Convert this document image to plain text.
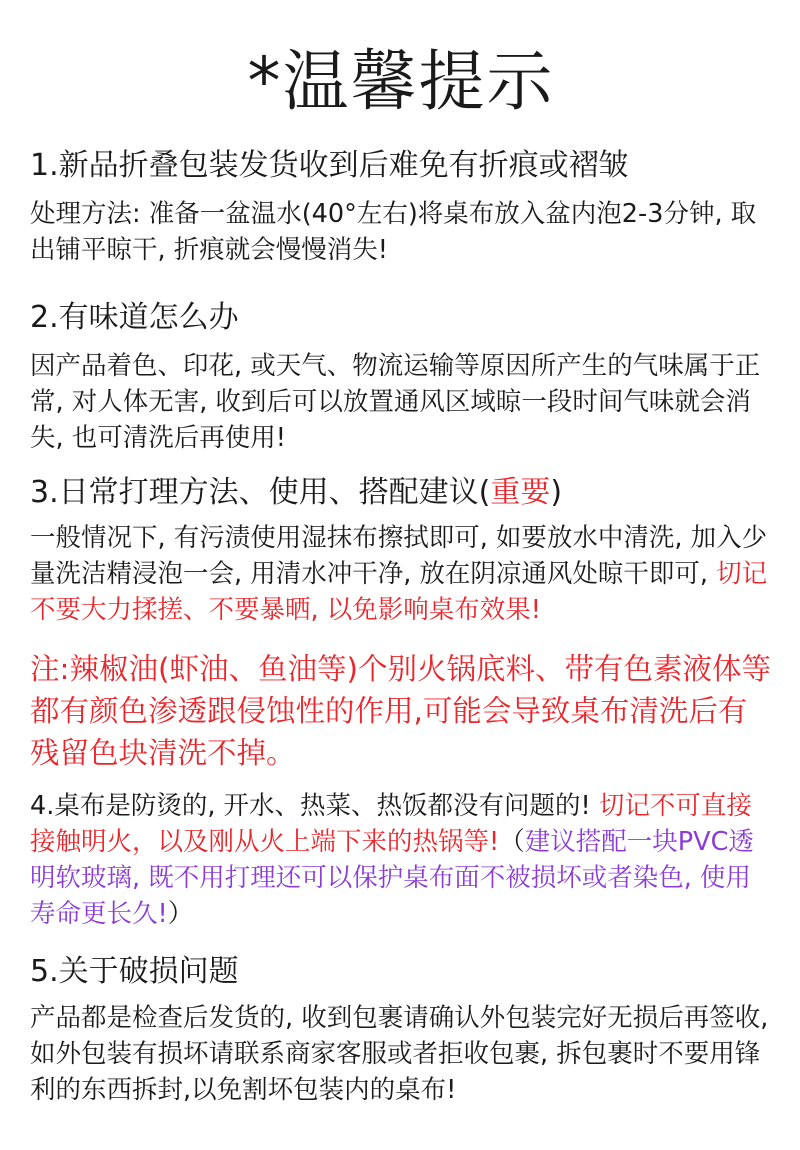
*温馨提示

1.新品折叠包装发货收到后难免有折痕或褶皱

处理方法: 准备一盆温水(40°左右)将桌布放入盆内泡2-3分钟, 取出铺平晾干, 折痕就会慢慢消失!

2.有味道怎么办

因产品着色、印花, 或天气、物流运输等原因所产生的气味属于正常, 对人体无害, 收到后可以放置通风区域晾一段时间气味就会消失, 也可清洗后再使用!

3.日常打理方法、使用、搭配建议(重要)

一般情况下, 有污渍使用湿抹布擦拭即可, 如要放水中清洗, 加入少量洗洁精浸泡一会, 用清水冲干净, 放在阴凉通风处晾干即可, 切记不要大力揉搓、不要暴晒, 以免影响桌布效果!

注:辣椒油(虾油、鱼油等)个别火锅底料、带有色素液体等都有颜色渗透跟侵蚀性的作用,可能会导致桌布清洗后有残留色块清洗不掉。

4.桌布是防烫的, 开水、热菜、热饭都没有问题的! 切记不可直接接触明火，以及刚从火上端下来的热锅等!（建议搭配一块PVC透明软玻璃, 既不用打理还可以保护桌布面不被损坏或者染色, 使用寿命更长久!）

5.关于破损问题

产品都是检查后发货的, 收到包裹请确认外包装完好无损后再签收, 如外包装有损坏请联系商家客服或者拒收包裹, 拆包裹时不要用锋利的东西拆封,以免割坏包装内的桌布!
